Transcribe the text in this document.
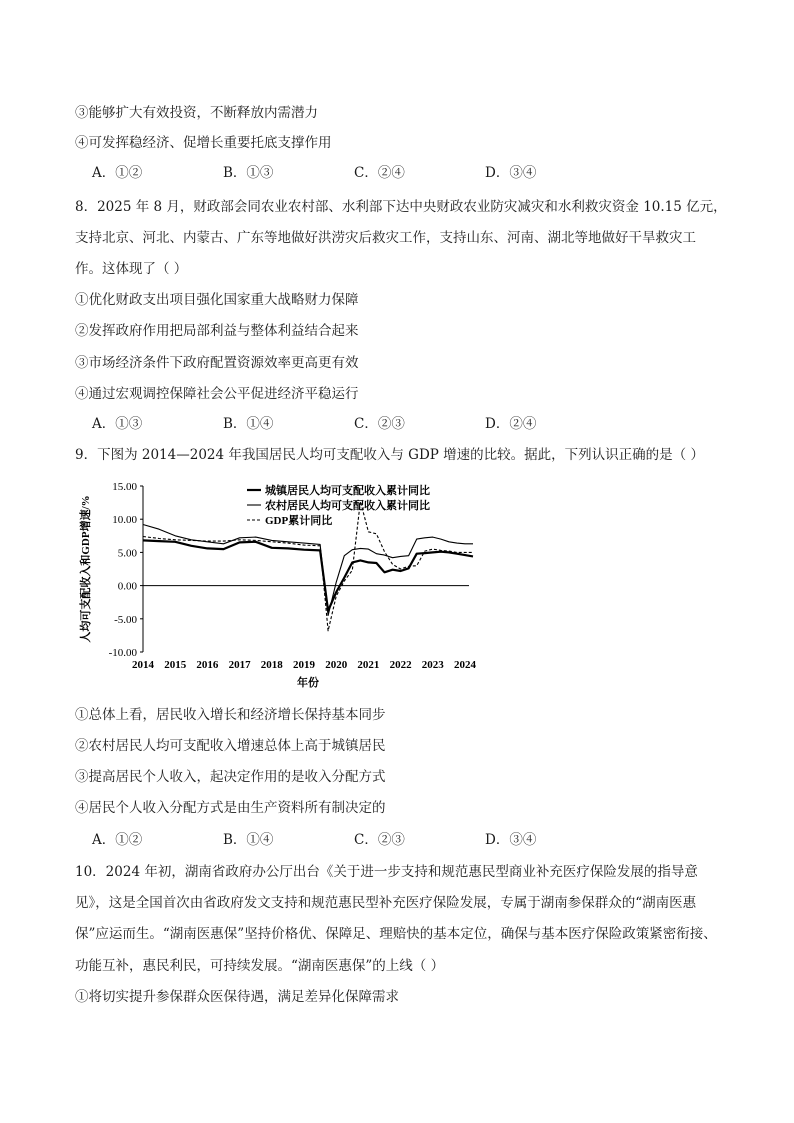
③能够扩大有效投资，不断释放内需潜力
④可发挥稳经济、促增长重要托底支撑作用
A．①②	B．①③	C．②④	D．③④
8．2025 年 8 月，财政部会同农业农村部、水利部下达中央财政农业防灾减灾和水利救灾资金 10.15 亿元，
支持北京、河北、内蒙古、广东等地做好洪涝灾后救灾工作，支持山东、河南、湖北等地做好干旱救灾工
作。这体现了（ ）
①优化财政支出项目强化国家重大战略财力保障
②发挥政府作用把局部利益与整体利益结合起来
③市场经济条件下政府配置资源效率更高更有效
④通过宏观调控保障社会公平促进经济平稳运行
A．①③	B．①④	C．②③	D．②④
9．下图为 2014—2024 年我国居民人均可支配收入与 GDP 增速的比较。据此，下列认识正确的是（ ）
15.00
10.00
5.00
0.00
-5.00
-10.00
2014 2015 2016 2017 2018 2019 2020 2021 2022 2023 2024
年份
人均可支配收入和GDP增速/%
城镇居民人均可支配收入累计同比
农村居民人均可支配收入累计同比
GDP累计同比
①总体上看，居民收入增长和经济增长保持基本同步
②农村居民人均可支配收入增速总体上高于城镇居民
③提高居民个人收入，起决定作用的是收入分配方式
④居民个人收入分配方式是由生产资料所有制决定的
A．①②	B．①④	C．②③	D．③④
10．2024 年初，湖南省政府办公厅出台《关于进一步支持和规范惠民型商业补充医疗保险发展的指导意
见》，这是全国首次由省政府发文支持和规范惠民型补充医疗保险发展，专属于湖南参保群众的“湖南医惠
保”应运而生。“湖南医惠保”坚持价格优、保障足、理赔快的基本定位，确保与基本医疗保险政策紧密衔接、
功能互补，惠民利民，可持续发展。“湖南医惠保”的上线（ ）
①将切实提升参保群众医保待遇，满足差异化保障需求
